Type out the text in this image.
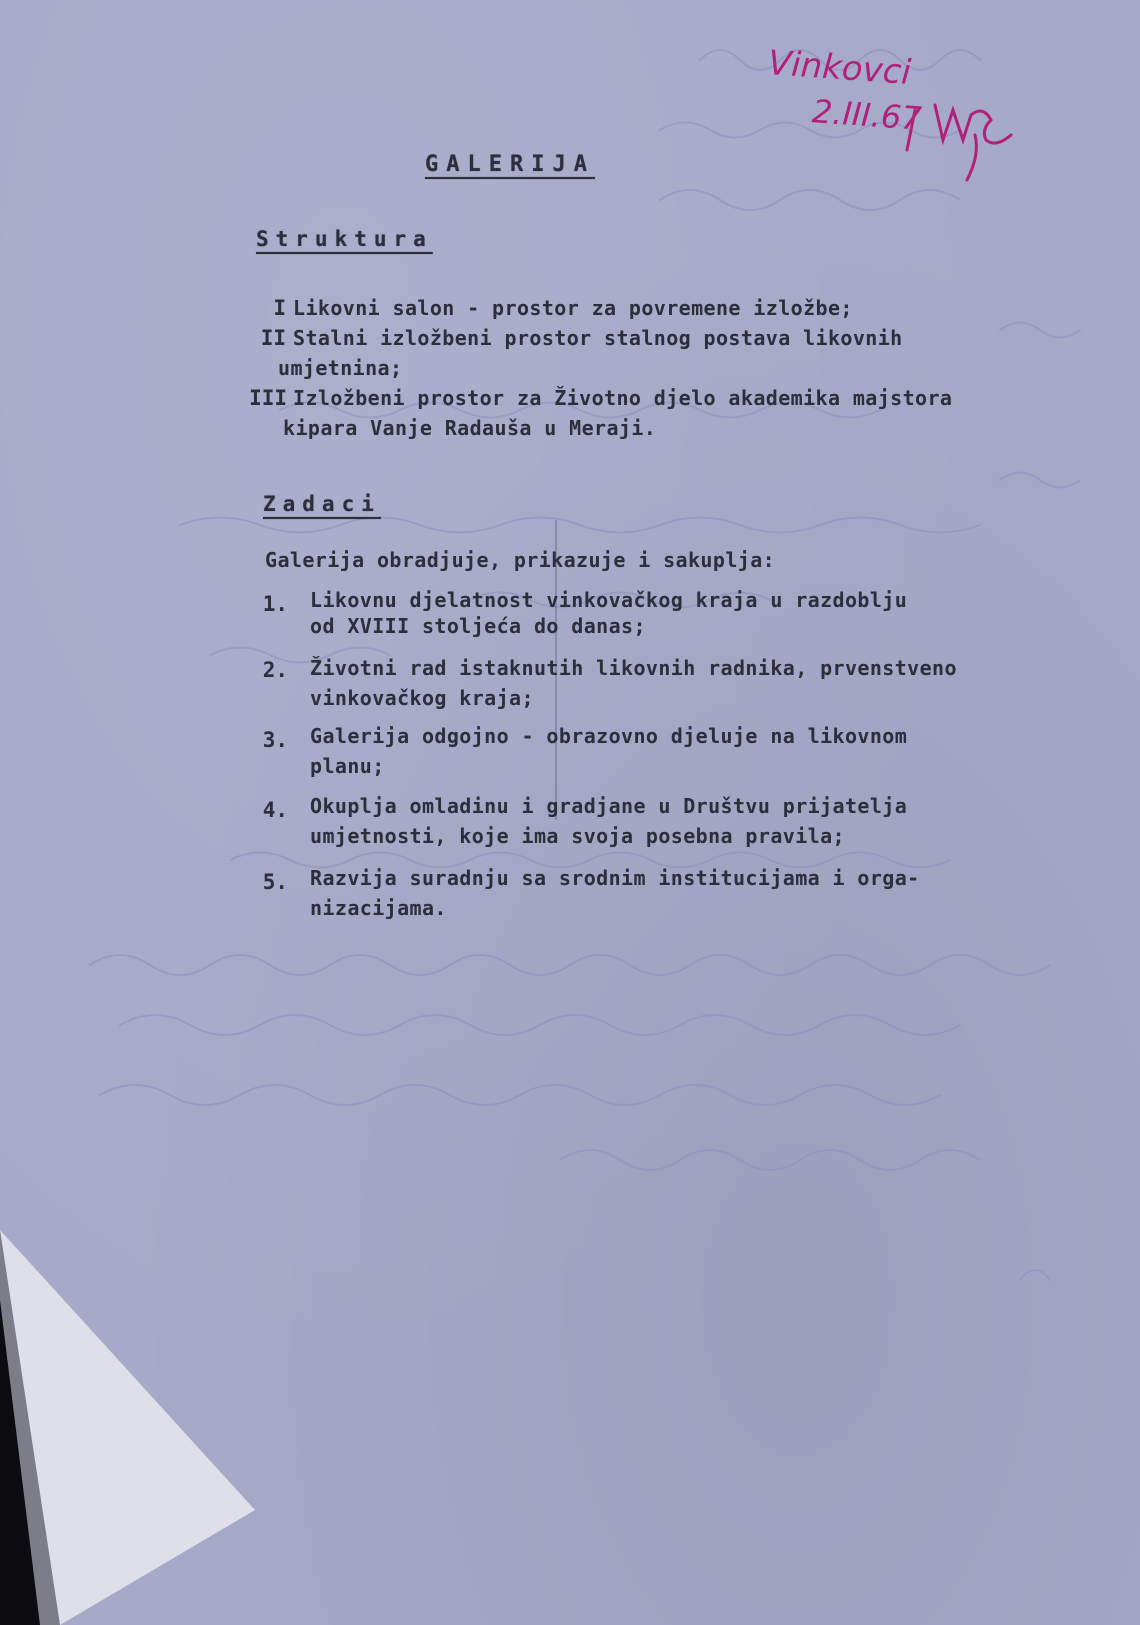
Vinkovci
2.III.67
GALERIJA
Struktura
I Likovni salon - prostor za povremene izložbe;
II Stalni izložbeni prostor stalnog postava likovnih
umjetnina;
III Izložbeni prostor za Životno djelo akademika majstora
kipara Vanje Radauša u Meraji.
Zadaci
Galerija obradjuje, prikazuje i sakuplja:
1. Likovnu djelatnost vinkovačkog kraja u razdoblju
od XVIII stoljeća do danas;
2. Životni rad istaknutih likovnih radnika, prvenstveno
vinkovačkog kraja;
3. Galerija odgojno - obrazovno djeluje na likovnom
planu;
4. Okuplja omladinu i gradjane u Društvu prijatelja
umjetnosti, koje ima svoja posebna pravila;
5. Razvija suradnju sa srodnim institucijama i orga-
nizacijama.
